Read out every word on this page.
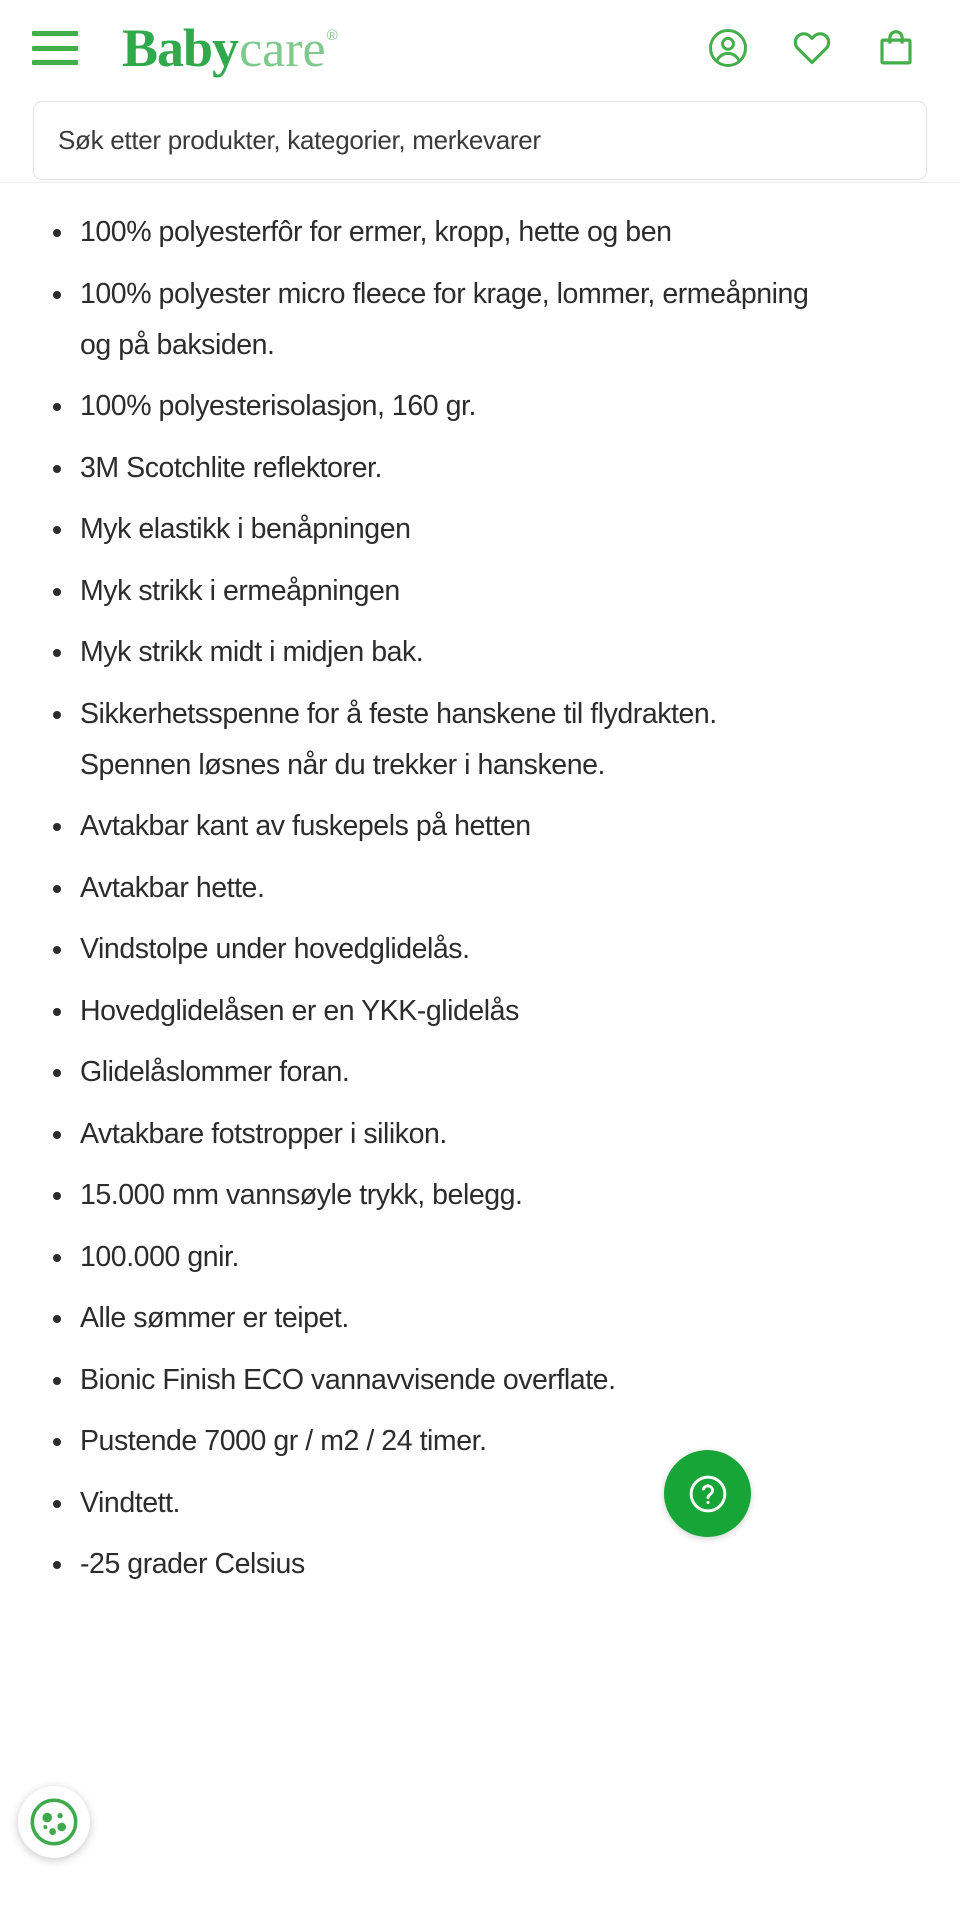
Baby care ®
Søk etter produkter, kategorier, merkevarer
100% polyesterfôr for ermer, kropp, hette og ben
100% polyester micro fleece for krage, lommer, ermeåpning og på baksiden.
100% polyesterisolasjon, 160 gr.
3M Scotchlite reflektorer.
Myk elastikk i benåpningen
Myk strikk i ermeåpningen
Myk strikk midt i midjen bak.
Sikkerhetsspenne for å feste hanskene til flydrakten. Spennen løsnes når du trekker i hanskene.
Avtakbar kant av fuskepels på hetten
Avtakbar hette.
Vindstolpe under hovedglidelås.
Hovedglidelåsen er en YKK-glidelås
Glidelåslommer foran.
Avtakbare fotstropper i silikon.
15.000 mm vannsøyle trykk, belegg.
100.000 gnir.
Alle sømmer er teipet.
Bionic Finish ECO vannavvisende overflate.
Pustende 7000 gr / m2 / 24 timer.
Vindtett.
-25 grader Celsius
